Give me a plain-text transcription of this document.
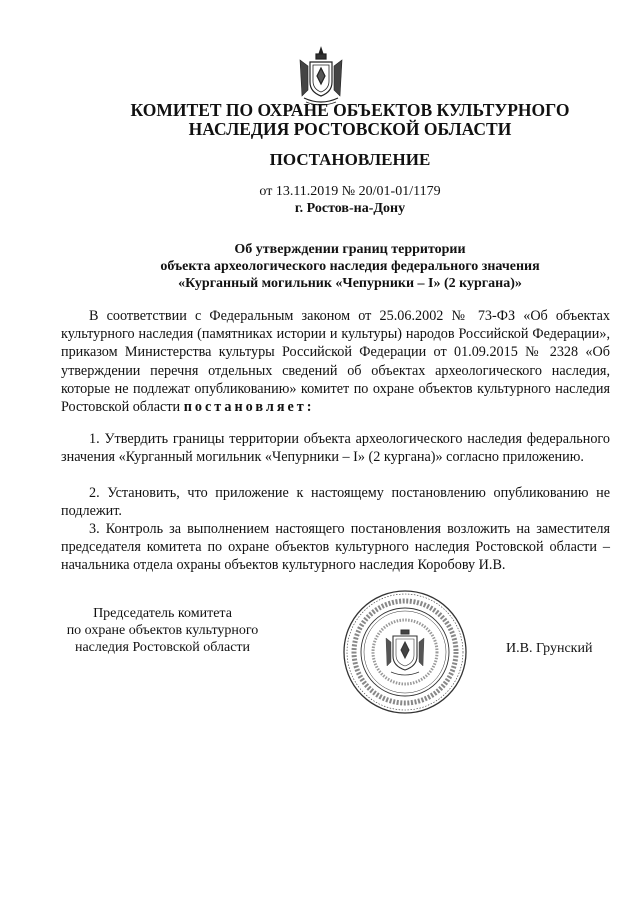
КОМИТЕТ ПО ОХРАНЕ ОБЪЕКТОВ КУЛЬТУРНОГО
НАСЛЕДИЯ РОСТОВСКОЙ ОБЛАСТИ
ПОСТАНОВЛЕНИЕ
от 13.11.2019 № 20/01-01/1179
г. Ростов-на-Дону
Об утверждении границ территории
объекта археологического наследия федерального значения
«Курганный могильник «Чепурники – I» (2 кургана)»
В соответствии с Федеральным законом от 25.06.2002 № 73-ФЗ «Об объектах культурного наследия (памятниках истории и культуры) народов Российской Федерации», приказом Министерства культуры Российской Федерации от 01.09.2015 № 2328 «Об утверждении перечня отдельных сведений об объектах археологического наследия, которые не подлежат опубликованию» комитет по охране объектов культурного наследия Ростовской области постановляет:
1. Утвердить границы территории объекта археологического наследия федерального значения «Курганный могильник «Чепурники – I» (2 кургана)» согласно приложению.
2. Установить, что приложение к настоящему постановлению опубликованию не подлежит.
3. Контроль за выполнением настоящего постановления возложить на заместителя председателя комитета по охране объектов культурного наследия Ростовской области – начальника отдела охраны объектов культурного наследия Коробову И.В.
Председатель комитета
по охране объектов культурного
наследия Ростовской области	И.В. Грунский
